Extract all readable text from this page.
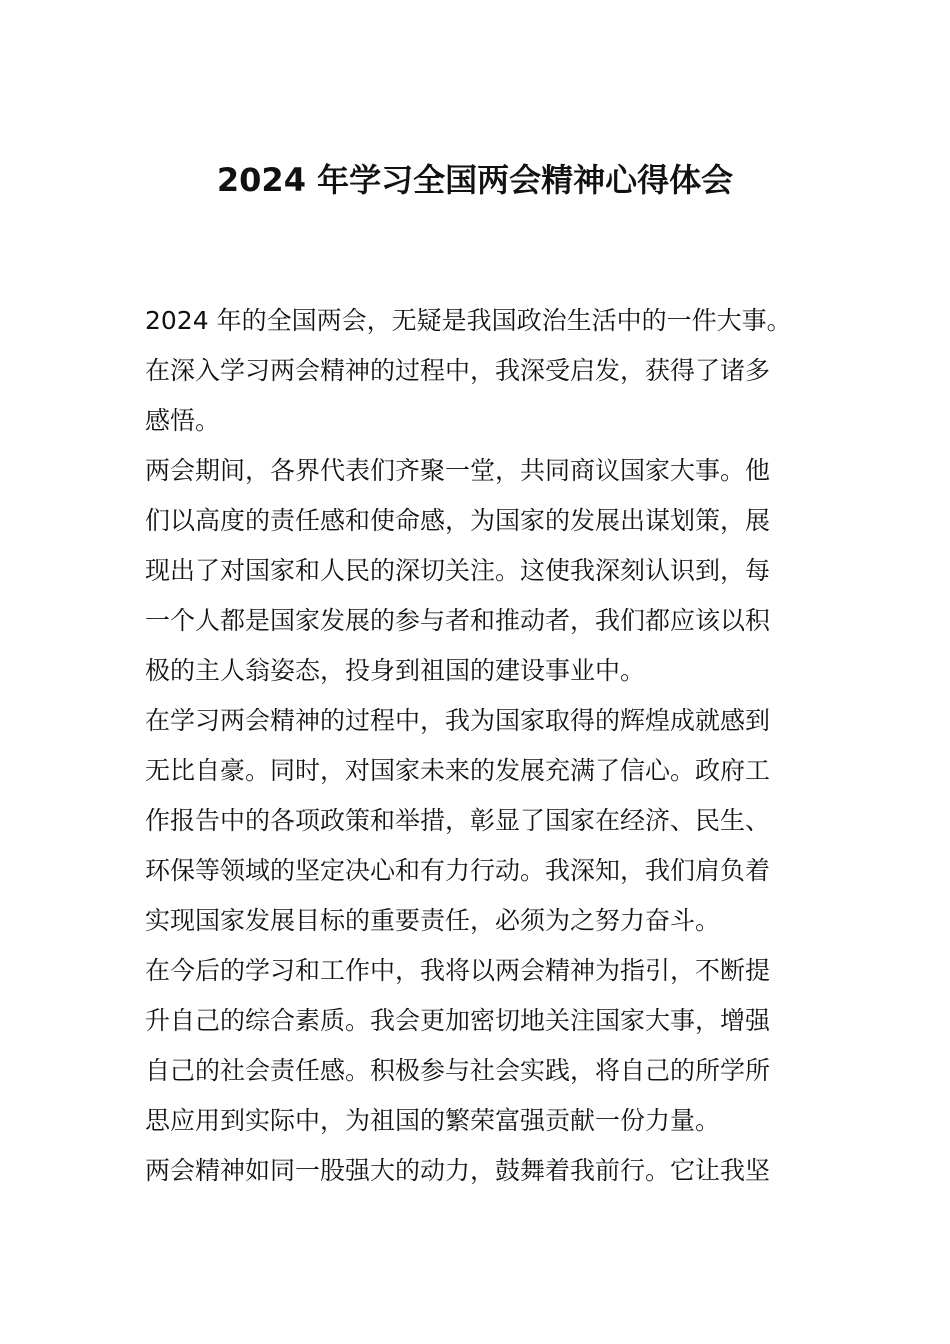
2024 年学习全国两会精神心得体会
2024 年的全国两会，无疑是我国政治生活中的一件大事。
在深入学习两会精神的过程中，我深受启发，获得了诸多
感悟。
两会期间，各界代表们齐聚一堂，共同商议国家大事。他
们以高度的责任感和使命感，为国家的发展出谋划策，展
现出了对国家和人民的深切关注。这使我深刻认识到，每
一个人都是国家发展的参与者和推动者，我们都应该以积
极的主人翁姿态，投身到祖国的建设事业中。
在学习两会精神的过程中，我为国家取得的辉煌成就感到
无比自豪。同时，对国家未来的发展充满了信心。政府工
作报告中的各项政策和举措，彰显了国家在经济、民生、
环保等领域的坚定决心和有力行动。我深知，我们肩负着
实现国家发展目标的重要责任，必须为之努力奋斗。
在今后的学习和工作中，我将以两会精神为指引，不断提
升自己的综合素质。我会更加密切地关注国家大事，增强
自己的社会责任感。积极参与社会实践，将自己的所学所
思应用到实际中，为祖国的繁荣富强贡献一份力量。
两会精神如同一股强大的动力，鼓舞着我前行。它让我坚
